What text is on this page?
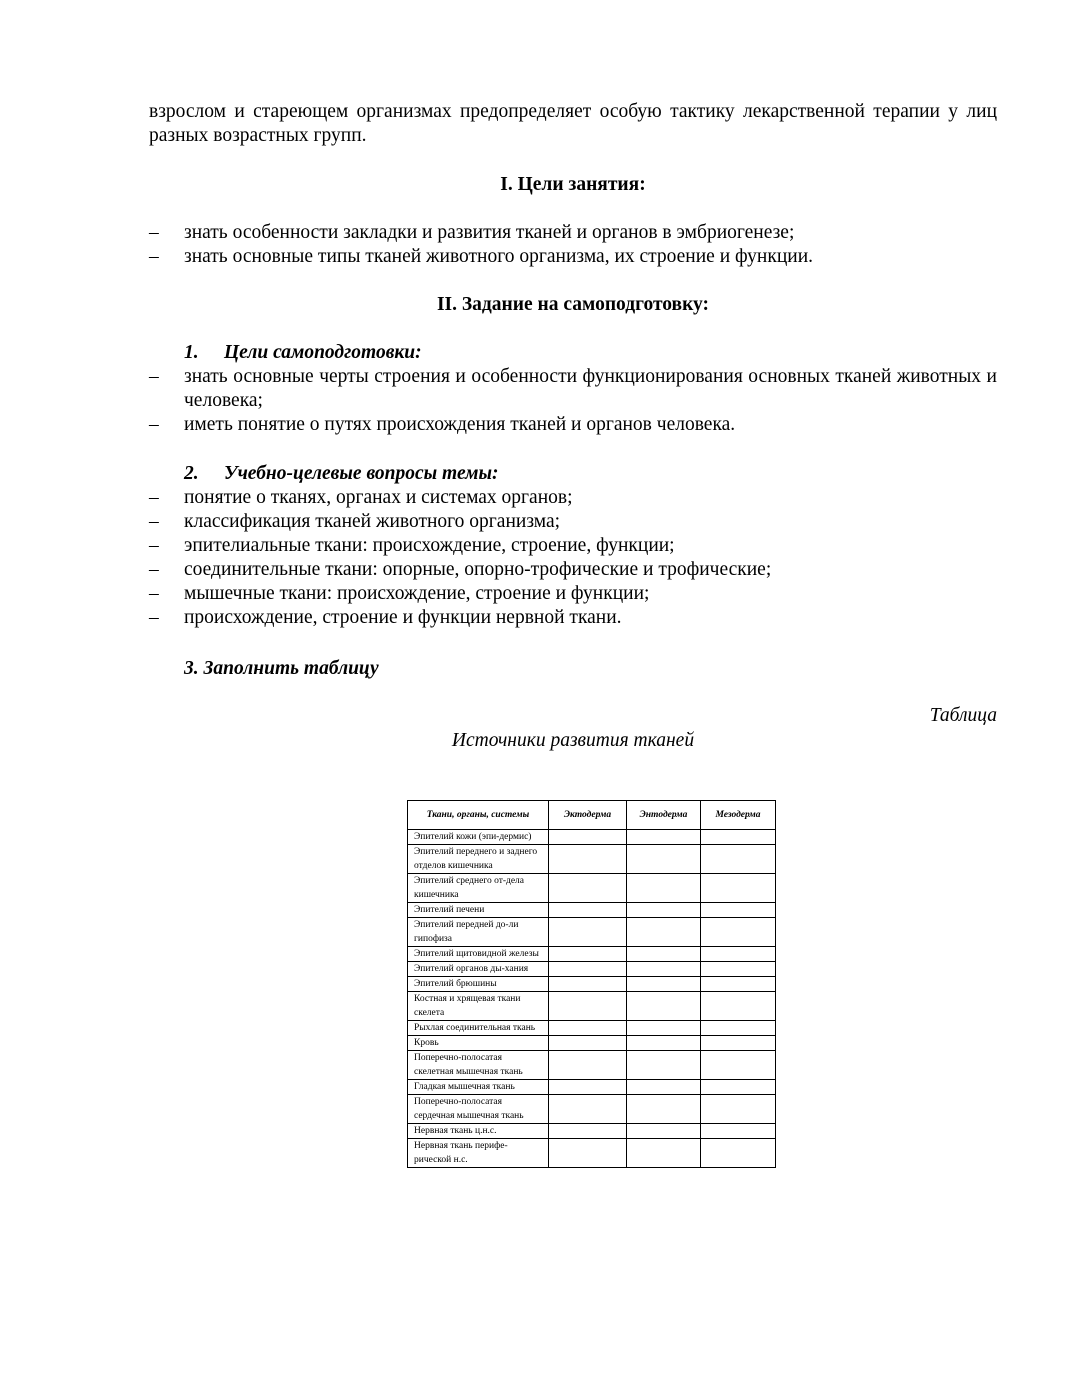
взрослом и стареющем организмах предопределяет особую тактику лекарственной терапии у лиц разных возрастных групп.

I. Цели занятия:
– знать особенности закладки и развития тканей и органов в эмбриогенезе;
– знать основные типы тканей животного организма, их строение и функции.
II. Задание на самоподготовку:
1. Цели самоподготовки:
– знать основные черты строения и особенности функционирования основных тканей животных и человека;
– иметь понятие о путях происхождения тканей и органов человека.
2. Учебно-целевые вопросы темы:
– понятие о тканях, органах и системах органов;
– классификация тканей животного организма;
– эпителиальные ткани: происхождение, строение, функции;
– соединительные ткани: опорные, опорно-трофические и трофические;
– мышечные ткани: происхождение, строение и функции;
– происхождение, строение и функции нервной ткани.
3. Заполнить таблицу
Таблица
Источники развития тканей
Ткани, органы, системы	Эктодерма	Энтодерма	Мезодерма
Эпителий кожи (эпи-дермис)			
Эпителий переднего и заднего отделов кишечника			
Эпителий среднего от-дела кишечника			
Эпителий печени			
Эпителий передней до-ли гипофиза			
Эпителий щитовидной железы			
Эпителий органов ды-хания			
Эпителий брюшины			
Костная и хрящевая ткани скелета			
Рыхлая соединительная ткань			
Кровь			
Поперечно-полосатая скелетная мышечная ткань			
Гладкая мышечная ткань			
Поперечно-полосатая сердечная мышечная ткань			
Нервная ткань ц.н.с.			
Нервная ткань перифе-рической н.с.			
